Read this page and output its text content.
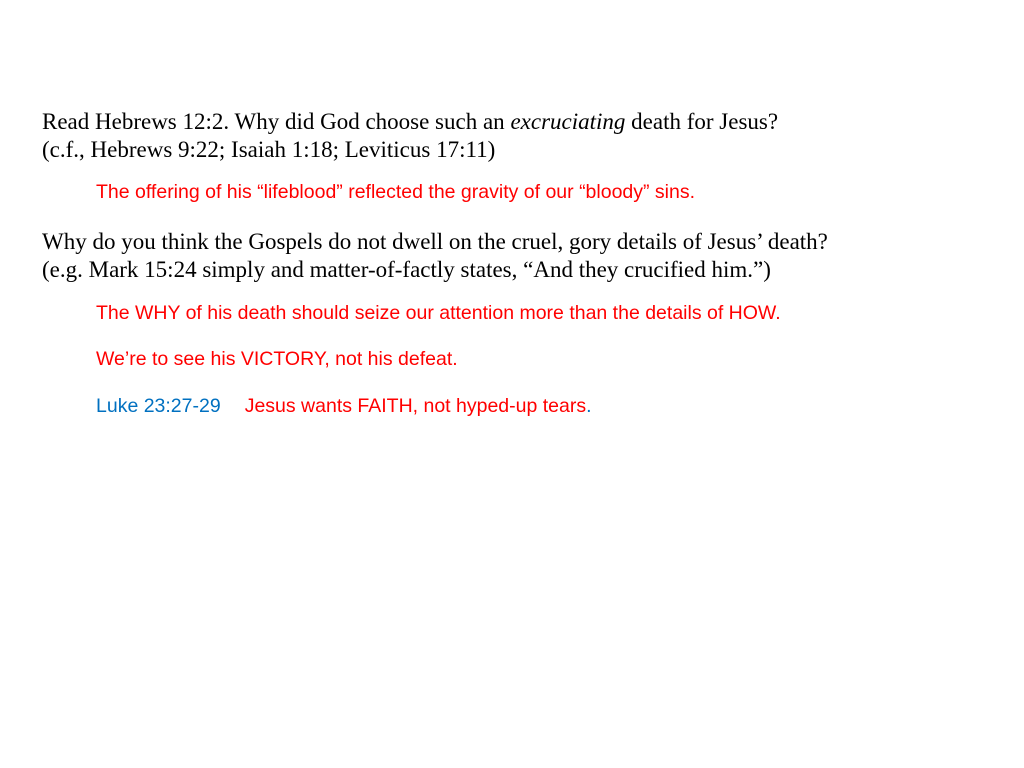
Read Hebrews 12:2. Why did God choose such an excruciating death for Jesus?
(c.f., Hebrews 9:22; Isaiah 1:18; Leviticus 17:11)
The offering of his “lifeblood” reflected the gravity of our “bloody” sins.
Why do you think the Gospels do not dwell on the cruel, gory details of Jesus’ death?
(e.g. Mark 15:24 simply and matter-of-factly states, “And they crucified him.”)
The WHY of his death should seize our attention more than the details of HOW.
We’re to see his VICTORY, not his defeat.
Luke 23:27-29 Jesus wants FAITH, not hyped-up tears.
